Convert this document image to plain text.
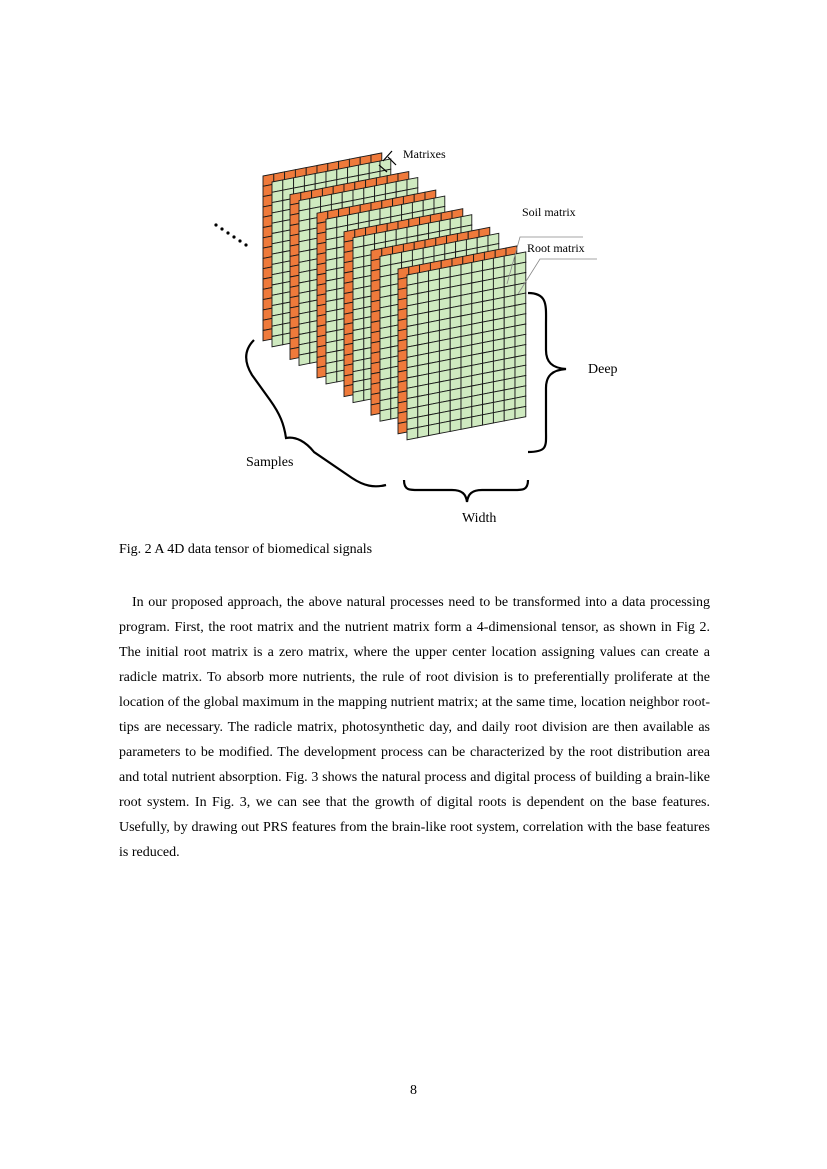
Matrixes
Soil matrix
Root matrix
Deep
Width
Samples
Fig. 2 A 4D data tensor of biomedical signals

In our proposed approach, the above natural processes need to be transformed into a data processing program. First, the root matrix and the nutrient matrix form a 4-dimensional tensor, as shown in Fig 2. The initial root matrix is a zero matrix, where the upper center location assigning values can create a radicle matrix. To absorb more nutrients, the rule of root division is to preferentially proliferate at the location of the global maximum in the mapping nutrient matrix; at the same time, location neighbor root-tips are necessary. The radicle matrix, photosynthetic day, and daily root division are then available as parameters to be modified. The development process can be characterized by the root distribution area and total nutrient absorption. Fig. 3 shows the natural process and digital process of building a brain-like root system. In Fig. 3, we can see that the growth of digital roots is dependent on the base features. Usefully, by drawing out PRS features from the brain-like root system, correlation with the base features is reduced.

8
